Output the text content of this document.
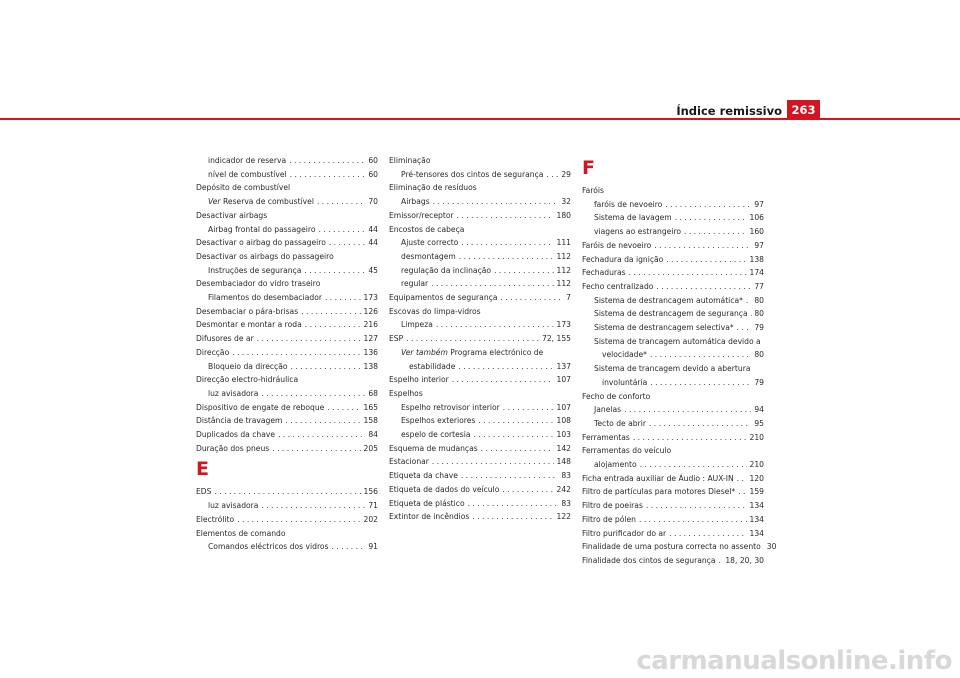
Índice remissivo 263
indicador de reserva . . .	60
nível de combustível . . .	60
Depósito de combustível
Ver Reserva de combustível . . .	70
Desactivar airbags
Airbag frontal do passageiro . . .	44
Desactivar o airbag do passageiro . . .	44
Desactivar os airbags do passageiro
Instruções de segurança . . .	45
Desembaciador do vidro traseiro
Filamentos do desembaciador . . .	173
Desembaciar o pára-brisas . . .	126
Desmontar e montar a roda . . .	216
Difusores de ar . . .	127
Direcção . . .	136
Bloqueio da direcção . . .	138
Direcção electro-hidráulica
luz avisadora . . .	68
Dispositivo de engate de reboque . . .	165
Distância de travagem . . .	158
Duplicados da chave . . .	84
Duração dos pneus . . .	205
E
EDS . . .	156
luz avisadora . . .	71
Electrólito . . .	202
Elementos de comando
Comandos eléctricos dos vidros . . .	91
Eliminação
Pré-tensores dos cintos de segurança . . . 29
Eliminação de resíduos
Airbags . . .	32
Emissor/receptor . . .	180
Encostos de cabeça
Ajuste correcto . . .	111
desmontagem . . .	112
regulação da inclinação . . .	112
regular . . .	112
Equipamentos de segurança . . .	7
Escovas do limpa-vidros
Limpeza . . .	173
ESP . . .	72, 155
Ver também Programa electrónico de
estabilidade . . .	137
Espelho interior . . .	107
Espelhos
Espelho retrovisor interior . . .	107
Espelhos exteriores . . .	108
espelo de cortesia . . .	103
Esquema de mudanças . . .	142
Estacionar . . .	148
Etiqueta da chave . . .	83
Etiqueta de dados do veículo . . .	242
Etiqueta de plástico . . .	83
Extintor de incêndios . . .	122
F
Faróis
faróis de nevoeiro . . .	97
Sistema de lavagem . . .	106
viagens ao estrangeiro . . .	160
Faróis de nevoeiro . . .	97
Fechadura da ignição . . .	138
Fechaduras . . .	174
Fecho centralizado . . .	77
Sistema de destrancagem automática* . . . 80
Sistema de destrancagem de segurança . . . 80
Sistema de destrancagem selectiva* . . .	79
Sistema de trancagem automática devido a
velocidade* . . .	80
Sistema de trancagem devido a abertura
involuntária . . .	79
Fecho de conforto
Janelas . . .	94
Tecto de abrir . . .	95
Ferramentas . . .	210
Ferramentas do veículo
alojamento . . .	210
Ficha entrada auxiliar de Áudio : AUX-IN . . . 120
Filtro de partículas para motores Diesel* . . . 159
Filtro de poeiras . . .	134
Filtro de pólen . . .	134
Filtro purificador do ar . . .	134
Finalidade de uma postura correcta no assento 30
Finalidade dos cintos de segurança . . . 18, 20, 30
carmanualsonline.info
